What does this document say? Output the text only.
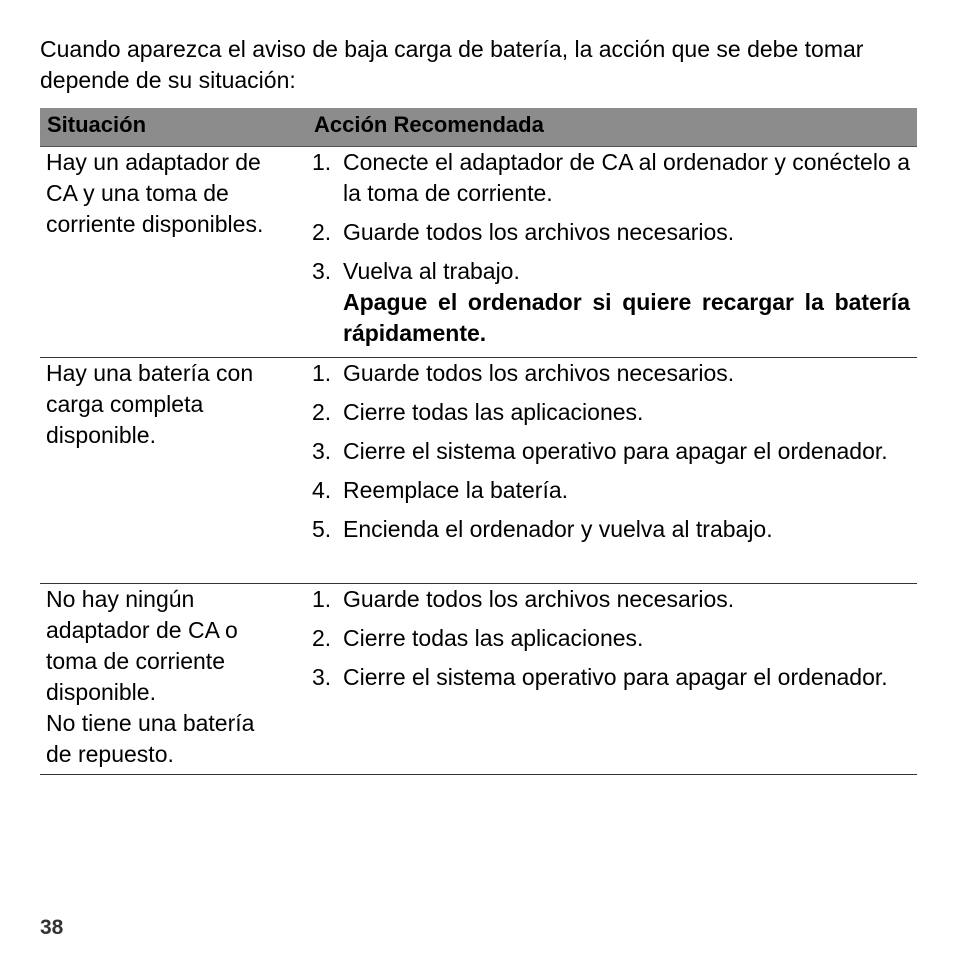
Cuando aparezca el aviso de baja carga de batería, la acción que se debe tomar depende de su situación:

Situación	Acción Recomendada
Hay un adaptador de
CA y una toma de
corriente disponibles.
1. Conecte el adaptador de CA al ordenador y conéctelo a la toma de corriente.
2. Guarde todos los archivos necesarios.
3. Vuelva al trabajo.
Apague el ordenador si quiere recargar la batería rápidamente.
Hay una batería con
carga completa
disponible.
1. Guarde todos los archivos necesarios.
2. Cierre todas las aplicaciones.
3. Cierre el sistema operativo para apagar el ordenador.
4. Reemplace la batería.
5. Encienda el ordenador y vuelva al trabajo.
No hay ningún
adaptador de CA o
toma de corriente
disponible.
No tiene una batería
de repuesto.
1. Guarde todos los archivos necesarios.
2. Cierre todas las aplicaciones.
3. Cierre el sistema operativo para apagar el ordenador.
38
